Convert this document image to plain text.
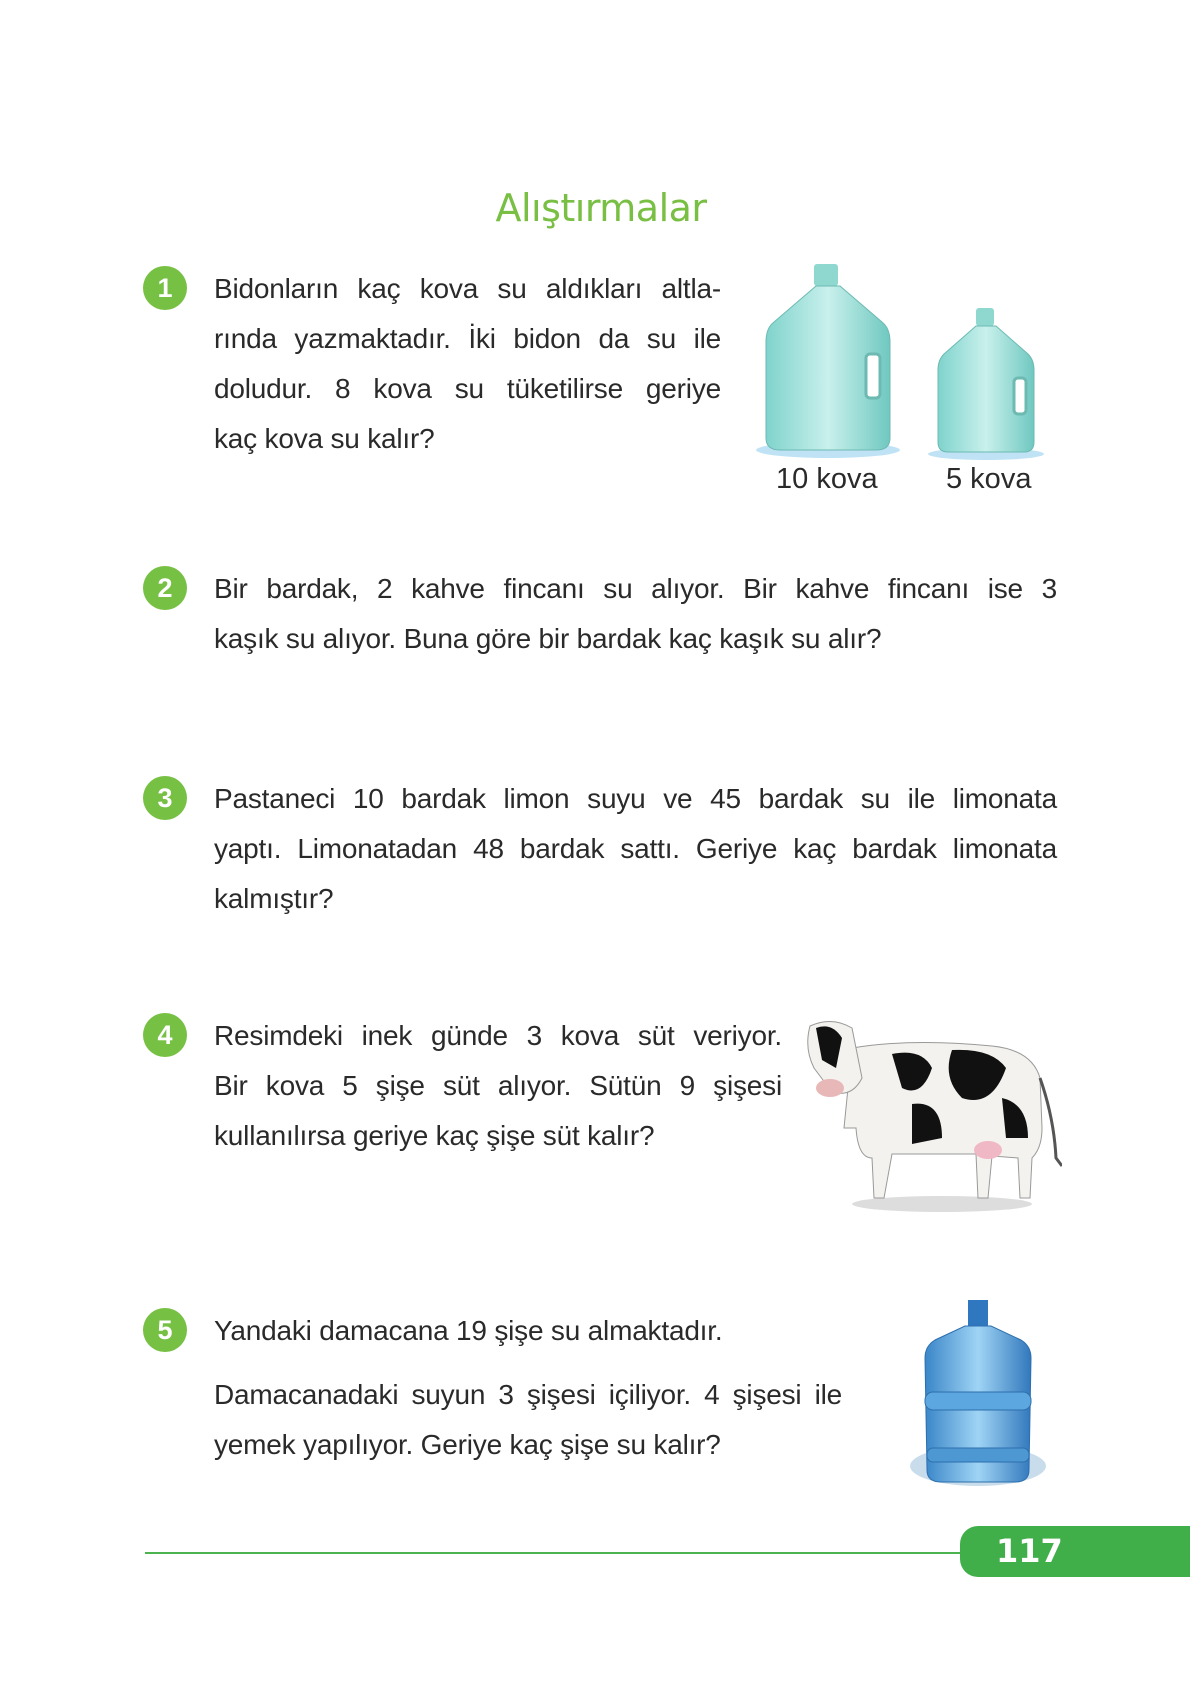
Alıştırmalar
1	Bidonların kaç kova su aldıkları altla-
rında yazmaktadır. İki bidon da su ile
doludur. 8 kova su tüketilirse geriye
kaç kova su kalır?
10 kova 5 kova
2	Bir bardak, 2 kahve fincanı su alıyor. Bir kahve fincanı ise 3
kaşık su alıyor. Buna göre bir bardak kaç kaşık su alır?
3	Pastaneci 10 bardak limon suyu ve 45 bardak su ile limonata
yaptı. Limonatadan 48 bardak sattı. Geriye kaç bardak limonata
kalmıştır?
4	Resimdeki inek günde 3 kova süt veriyor.
Bir kova 5 şişe süt alıyor. Sütün 9 şişesi
kullanılırsa geriye kaç şişe süt kalır?
5	Yandaki damacana 19 şişe su almaktadır.
Damacanadaki suyun 3 şişesi içiliyor. 4 şişesi ile
yemek yapılıyor. Geriye kaç şişe su kalır?
117
